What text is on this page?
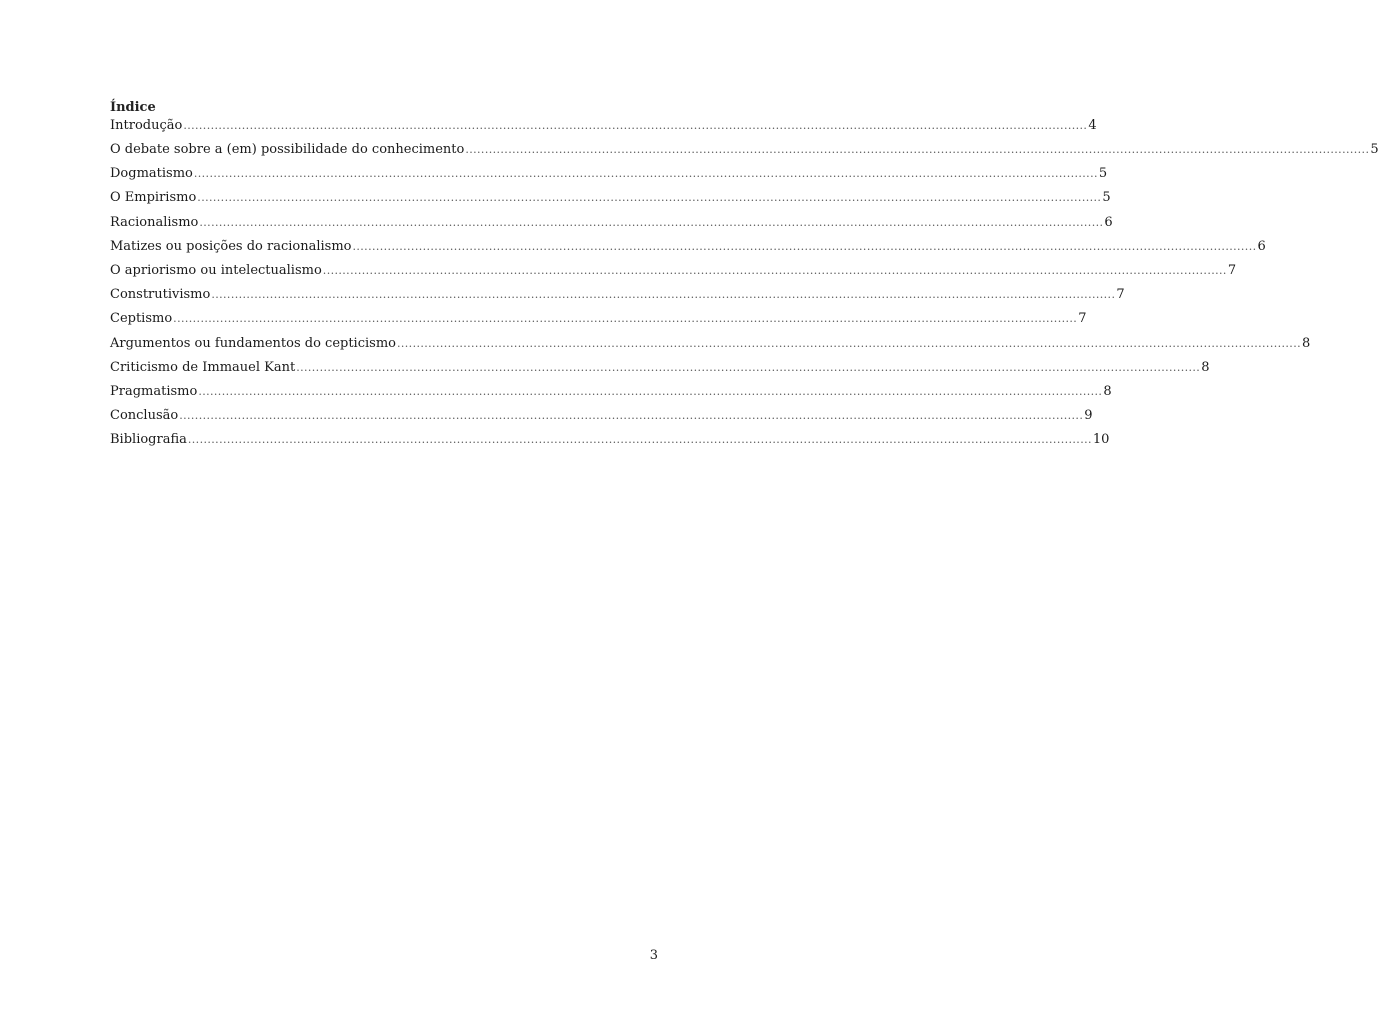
Índice
Introdução ........................................................................................................................................................................................................................................ 4
O debate sobre a (em) possibilidade do conhecimento ........................................................................................................................................................................................................................................ 5
Dogmatismo ........................................................................................................................................................................................................................................ 5
O Empirismo ........................................................................................................................................................................................................................................ 5
Racionalismo ........................................................................................................................................................................................................................................ 6
Matizes ou posições do racionalismo ........................................................................................................................................................................................................................................ 6
O apriorismo ou intelectualismo ........................................................................................................................................................................................................................................ 7
Construtivismo ........................................................................................................................................................................................................................................ 7
Ceptismo ........................................................................................................................................................................................................................................ 7
Argumentos ou fundamentos do cepticismo ........................................................................................................................................................................................................................................ 8
Criticismo de Immauel Kant ........................................................................................................................................................................................................................................ 8
Pragmatismo ........................................................................................................................................................................................................................................ 8
Conclusão ........................................................................................................................................................................................................................................ 9
Bibliografia ........................................................................................................................................................................................................................................ 10
3
